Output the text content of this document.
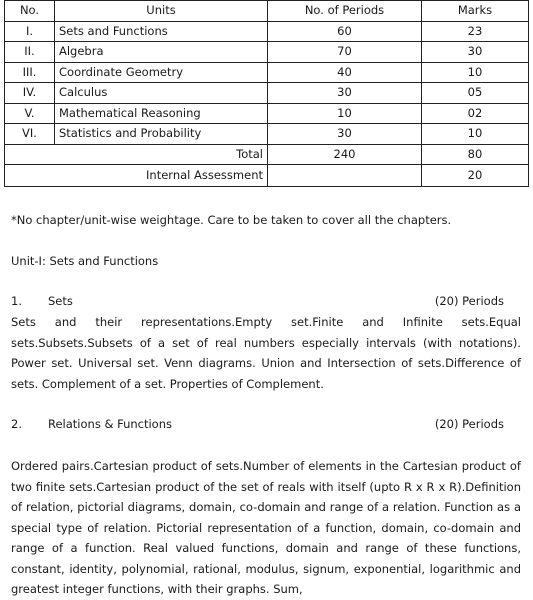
No.	Units	No. of Periods	Marks
I.	Sets and Functions	60	23
II.	Algebra	70	30
III.	Coordinate Geometry	40	10
IV.	Calculus	30	05
V.	Mathematical Reasoning	10	02
VI.	Statistics and Probability	30	10
Total		240	80
Internal Assessment			20
*No chapter/unit-wise weightage. Care to be taken to cover all the chapters.
Unit-I: Sets and Functions
1. Sets	(20) Periods
Sets and their representations.Empty set.Finite and Infinite sets.Equal sets.Subsets.Subsets of a set of real numbers especially intervals (with notations). Power set. Universal set. Venn diagrams. Union and Intersection of sets.Difference of sets. Complement of a set. Properties of Complement.
2. Relations & Functions	(20) Periods
Ordered pairs.Cartesian product of sets.Number of elements in the Cartesian product of two finite sets.Cartesian product of the set of reals with itself (upto R x R x R).Definition of relation, pictorial diagrams, domain, co-domain and range of a relation. Function as a special type of relation. Pictorial representation of a function, domain, co-domain and range of a function. Real valued functions, domain and range of these functions, constant, identity, polynomial, rational, modulus, signum, exponential, logarithmic and greatest integer functions, with their graphs. Sum,
